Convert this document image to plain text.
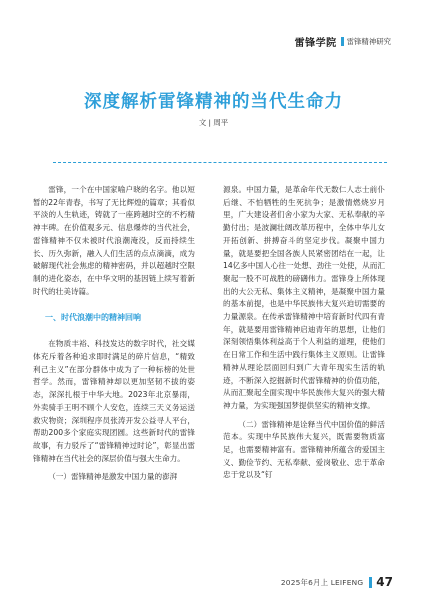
雷锋学院 雷锋精神研究
深度解析雷锋精神的当代生命力
文 | 周平

雷锋，一个在中国家喻户晓的名字。他以短暂的22年青春，书写了无比辉煌的篇章；其看似平淡的人生轨迹，铸就了一座跨越时空的不朽精神丰碑。在价值观多元、信息爆炸的当代社会，雷锋精神不仅未被时代浪潮淹没，反而持续生长、历久弥新，融入人们生活的点点滴滴，成为破解现代社会焦虑的精神密码，并以超越时空限制的进化姿态，在中华文明的基因链上续写着新时代的壮美诗篇。

一、时代浪潮中的精神回响

在物质丰裕、科技发达的数字时代，社交媒体充斥着各种追求即时满足的碎片信息，“精致利己主义”在部分群体中成为了一种标榜的处世哲学。然而，雷锋精神却以更加坚韧不拔的姿态，深深扎根于中华大地。2023年北京暴雨，外卖骑手王明不顾个人安危，连续三天义务运送救灾物资；深圳程序员张涛开发公益寻人平台，帮助200多个家庭实现团圆。这些新时代的雷锋故事，有力驳斥了“雷锋精神过时论”，彰显出雷锋精神在当代社会的深层价值与强大生命力。

（一）雷锋精神是激发中国力量的澎湃

源泉。中国力量，是革命年代无数仁人志士前仆后继、不怕牺牲的生死抗争；是激情燃烧岁月里，广大建设者们舍小家为大家、无私奉献的辛勤付出；是波澜壮阔改革历程中，全体中华儿女开拓创新、拼搏奋斗的坚定步伐。凝聚中国力量，就是要把全国各族人民紧密团结在一起，让14亿多中国人心往一处想、劲往一处使，从而汇聚起一股不可战胜的磅礴伟力。雷锋身上所体现出的大公无私、集体主义精神，是凝聚中国力量的基本前提，也是中华民族伟大复兴迫切需要的力量源泉。在传承雷锋精神中培育新时代四有青年，就是要用雷锋精神启迪青年的思想，让他们深刻领悟集体利益高于个人利益的道理，使他们在日常工作和生活中践行集体主义原则。让雷锋精神从理论层面回归到广大青年现实生活的轨迹，不断深入挖掘新时代雷锋精神的价值功能，从而汇聚起全面实现中华民族伟大复兴的强大精神力量，为实现强国梦提供坚实的精神支撑。

（二）雷锋精神是诠释当代中国价值的鲜活范本。实现中华民族伟大复兴，既需要物质富足，也需要精神富有。雷锋精神所蕴含的爱国主义、勤俭节约、无私奉献、爱岗敬业、忠于革命忠于党以及“钉

2025年6月上 LEIFENG 47
